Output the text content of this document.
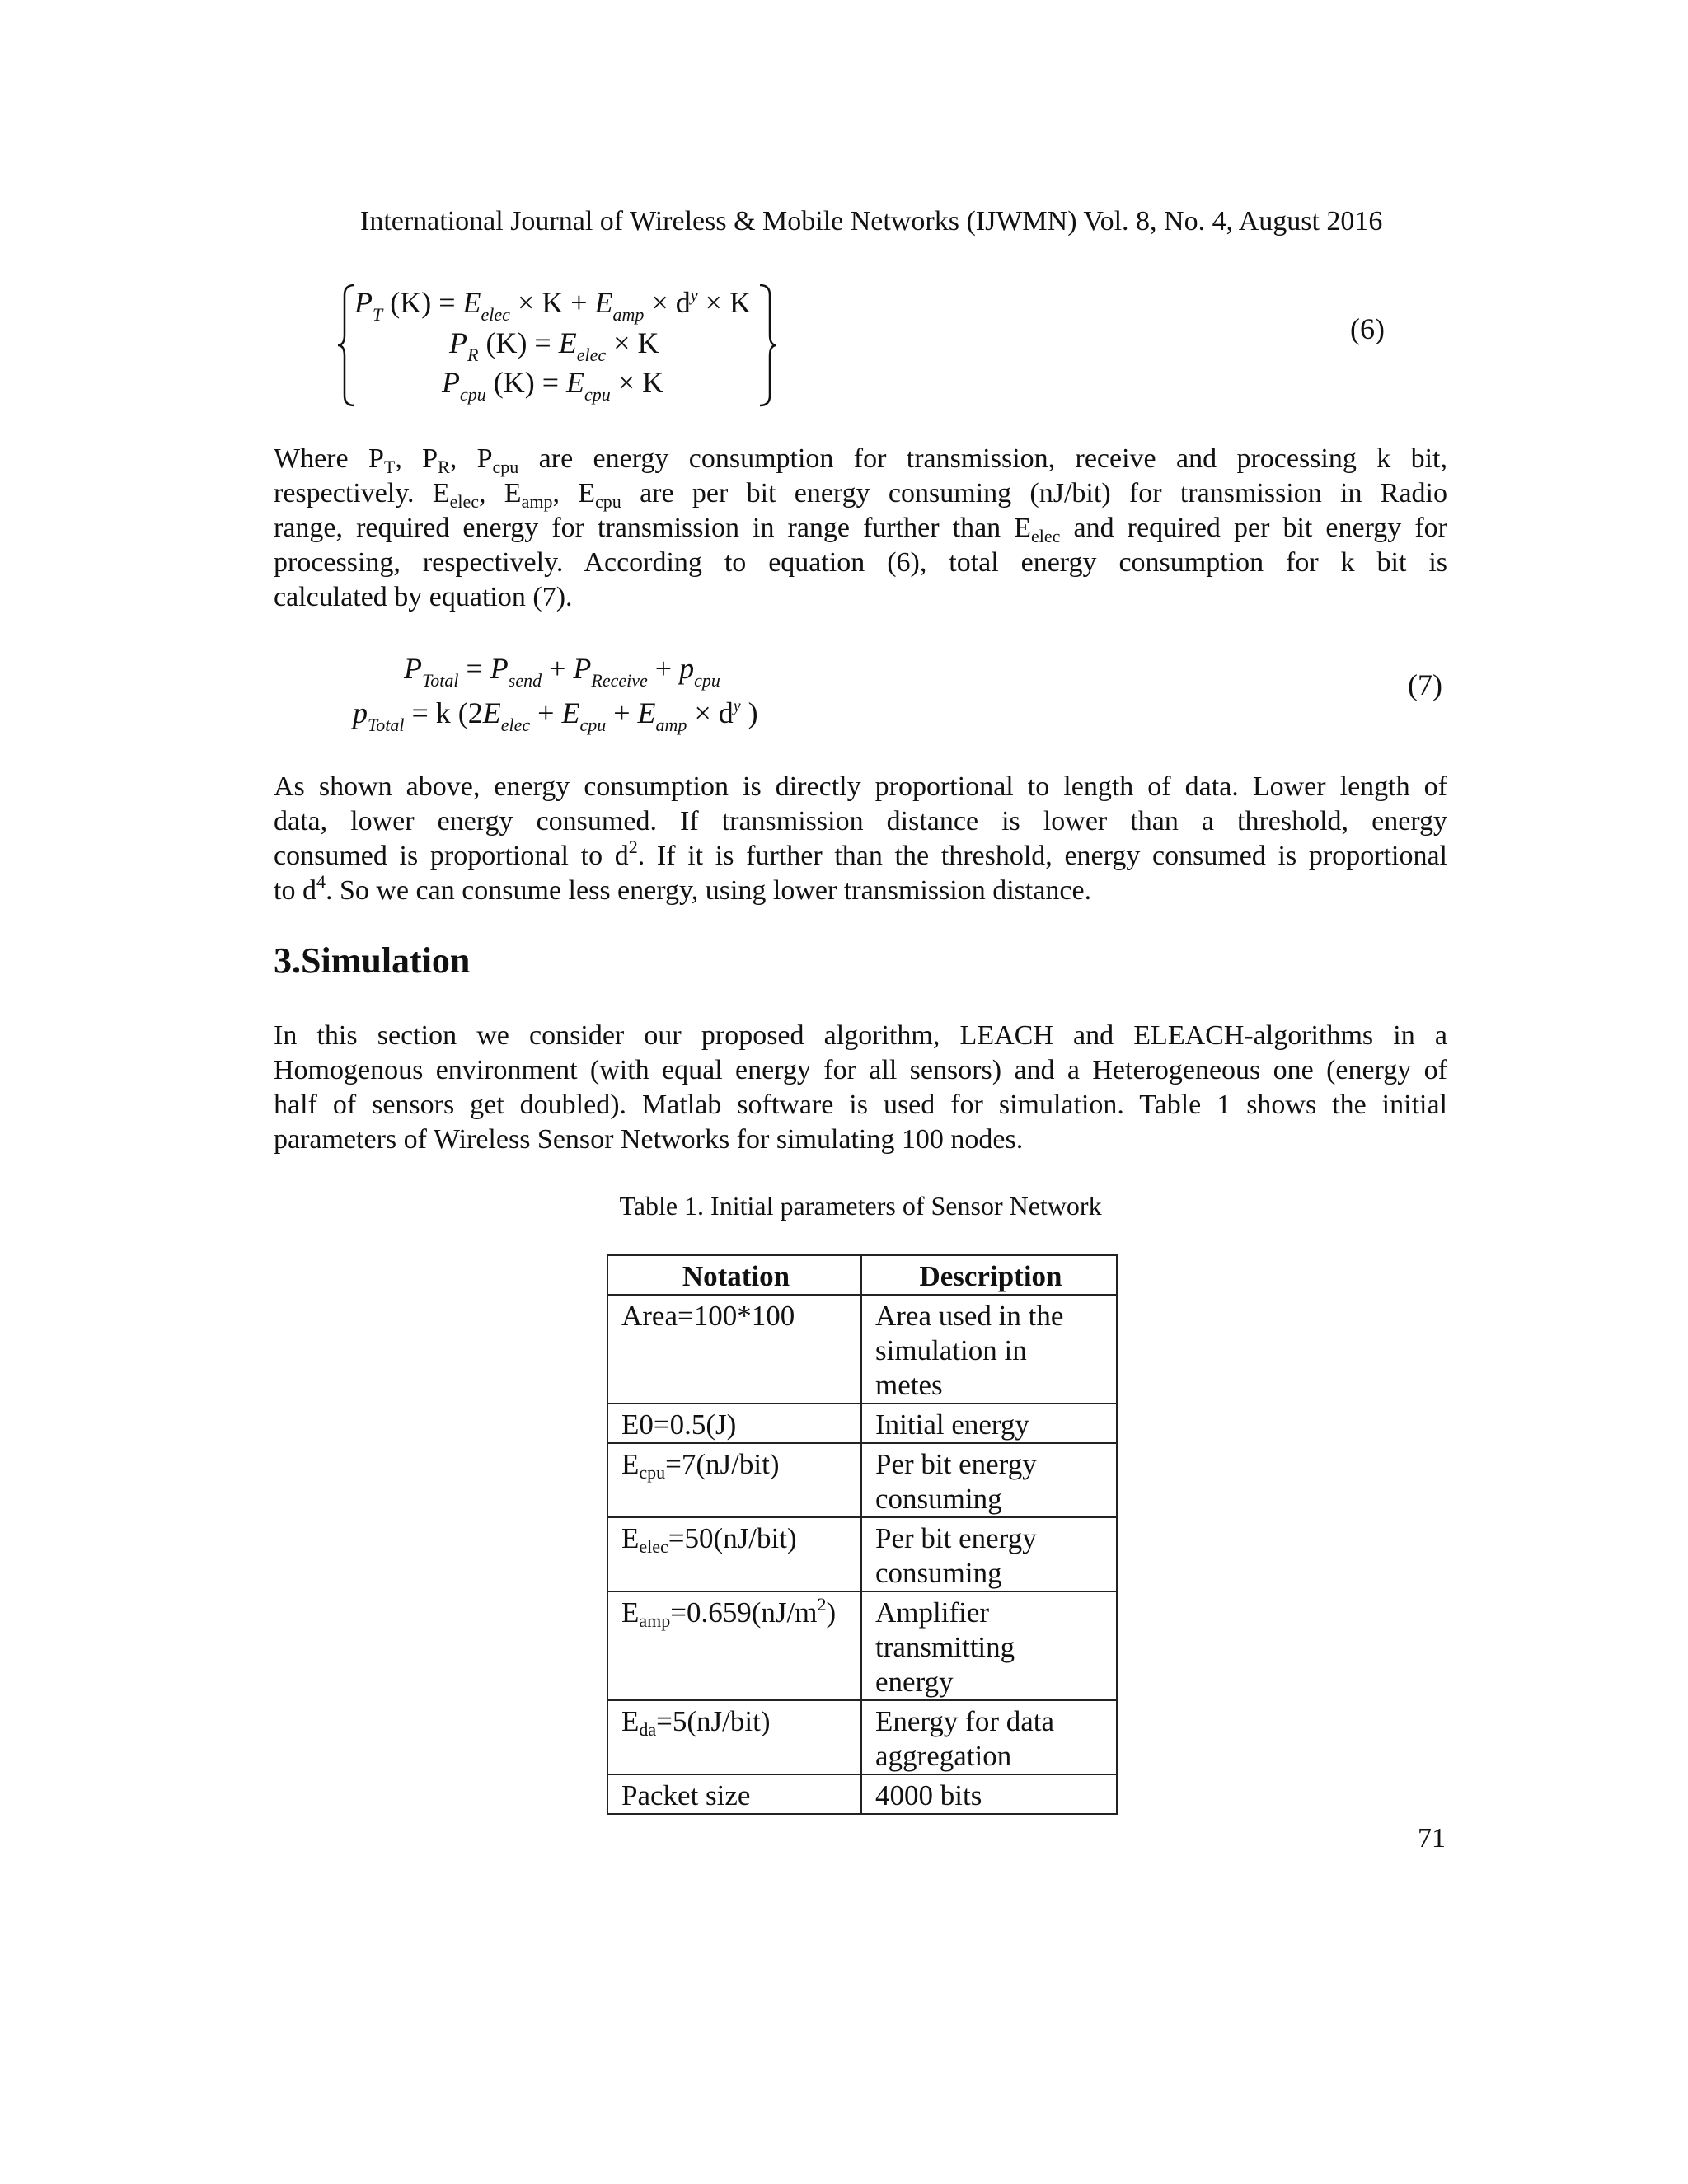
International Journal of Wireless & Mobile Networks (IJWMN) Vol. 8, No. 4, August 2016
$P_T$ $(K) = E_{elec} \times K + E_{amp} \times d^y \times K$
$P_R$ $(K) = E_{elec} \times K$
$P_{cpu}$ $(K) = E_{cpu} \times K$
(6)
Where $P_T$, $P_R$, $P_{cpu}$ are energy consumption for transmission, receive and processing k bit,
respectively. $E_{elec}$, $E_{amp}$, $E_{cpu}$ are per bit energy consuming (nJ/bit) for transmission in Radio
range, required energy for transmission in range further than $E_{elec}$ and required per bit energy for
processing, respectively. According to equation (6), total energy consumption for k bit is
calculated by equation (7).
$P_{Total} = P_{send} + P_{Receive} + p_{cpu}$
$p_{Total} = k$ ($2E_{elec} + E_{cpu} + E_{amp} \times d^y$ )
(7)
As shown above, energy consumption is directly proportional to length of data. Lower length of
data, lower energy consumed. If transmission distance is lower than a threshold, energy
consumed is proportional to $d^2$. If it is further than the threshold, energy consumed is proportional
to $d^4$. So we can consume less energy, using lower transmission distance.
3.Simulation
In this section we consider our proposed algorithm, LEACH and ELEACH-algorithms in a
Homogenous environment (with equal energy for all sensors) and a Heterogeneous one (energy of
half of sensors get doubled). Matlab software is used for simulation. Table 1 shows the initial
parameters of Wireless Sensor Networks for simulating 100 nodes.
Table 1. Initial parameters of Sensor Network
Notation	Description
Area=100*100	Area used in the
simulation in
metes

E0=0.5(J)	Initial energy

$E_{cpu}=7(nJ/bit)$	Per bit energy
consuming

$E_{elec}=50(nJ/bit)$	Per bit energy
consuming

$E_{amp}=0.659(nJ/m^2)$	Amplifier
transmitting
energy

$E_{da}=5(nJ/bit)$	Energy for data
aggregation

Packet size	4000 bits
71
